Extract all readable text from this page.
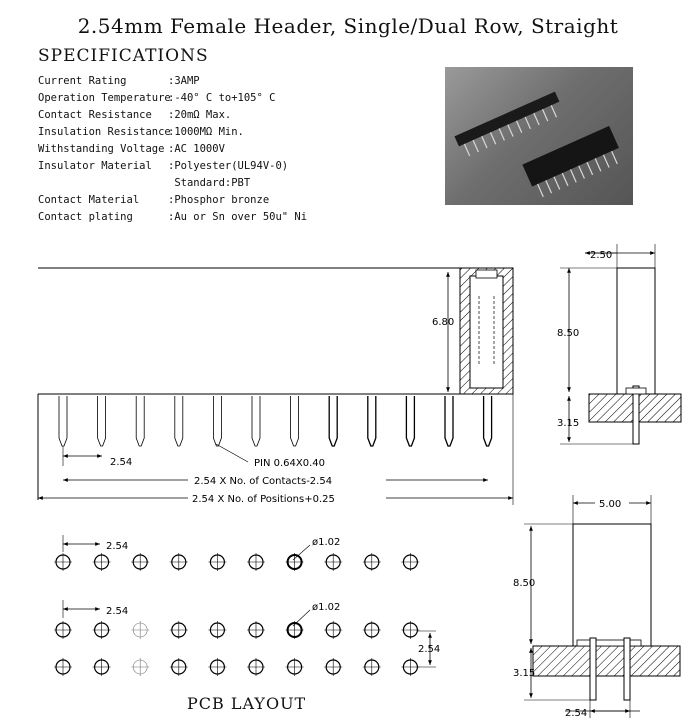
2.54mm Female Header, Single/Dual Row, Straight
SPECIFICATIONS
Current Rating	:3AMP
Operation Temperature
:-40° C to+105° C
Contact Resistance	:20mΩ Max.
Insulation Resistance
:1000MΩ Min.
Withstanding Voltage :AC 1000V
Insulator Material	:Polyester(UL94V-0)
Standard:PBT
Contact Material	:Phosphor bronze
Contact plating	:Au or Sn over 50u" Ni
6.80
2.54	PIN 0.64X0.40
2.54 X No. of Contacts-2.54
2.54 X No. of Positions+0.25
2.50
8.50
3.15
5.00
8.50
3.15
2.54
2.54	ø1.02
2.54	ø1.02
2.54
PCB LAYOUT
